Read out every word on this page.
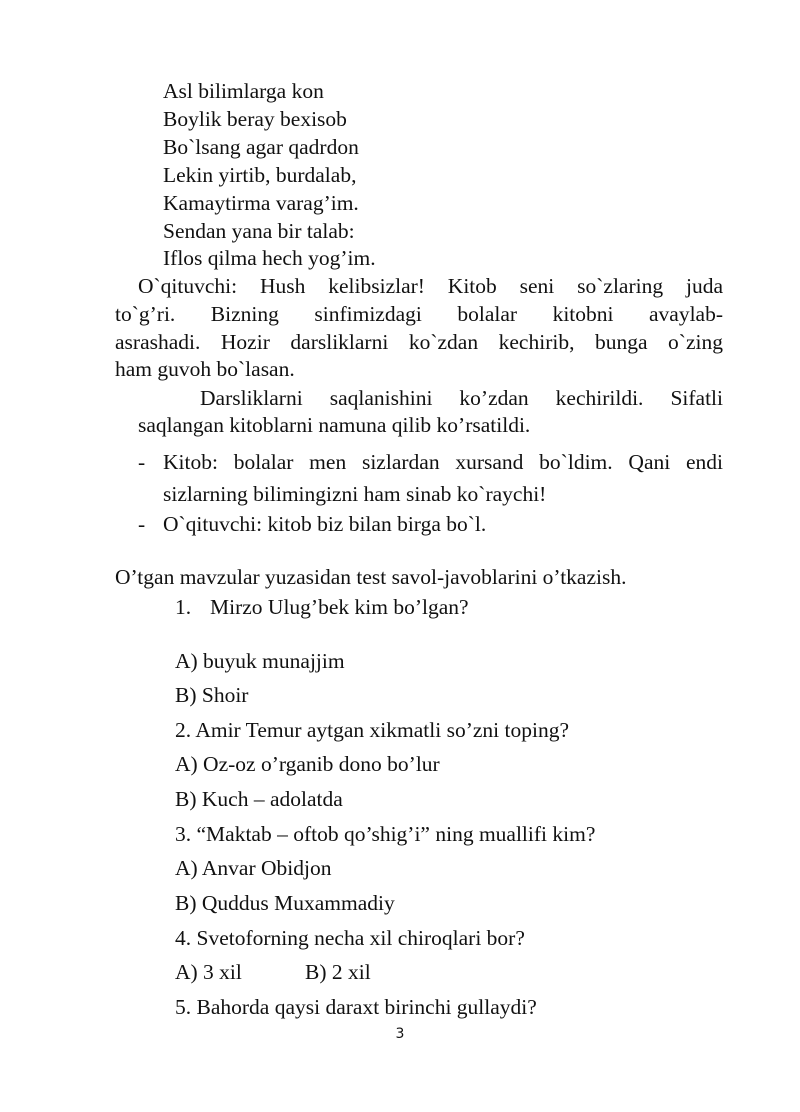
Asl bilimlarga kon
Boylik beray bexisob
Bo`lsang agar qadrdon
Lekin yirtib, burdalab,
Kamaytirma varag’im.
Sendan yana bir talab:
Iflos qilma hech yog’im.
O`qituvchi: Hush kelibsizlar! Kitob seni so`zlaring juda
to`g’ri. Bizning sinfimizdagi bolalar kitobni avaylab-
asrashadi. Hozir darsliklarni ko`zdan kechirib, bunga o`zing
ham guvoh bo`lasan.
Darsliklarni saqlanishini ko’zdan kechirildi. Sifatli
saqlangan kitoblarni namuna qilib ko’rsatildi.
- Kitob: bolalar men sizlardan xursand bo`ldim. Qani endi
sizlarning bilimingizni ham sinab ko`raychi!
- O`qituvchi: kitob biz bilan birga bo`l.
O’tgan mavzular yuzasidan test savol-javoblarini o’tkazish.
1. Mirzo Ulug’bek kim bo’lgan?
A) buyuk munajjim
B) Shoir
2. Amir Temur aytgan xikmatli so’zni toping?
A) Oz-oz o’rganib dono bo’lur
B) Kuch – adolatda
3. “Maktab – oftob qo’shig’i” ning muallifi kim?
A) Anvar Obidjon
B) Quddus Muxammadiy
4. Svetoforning necha xil chiroqlari bor?
A) 3 xil	B) 2 xil
5. Bahorda qaysi daraxt birinchi gullaydi?
3
